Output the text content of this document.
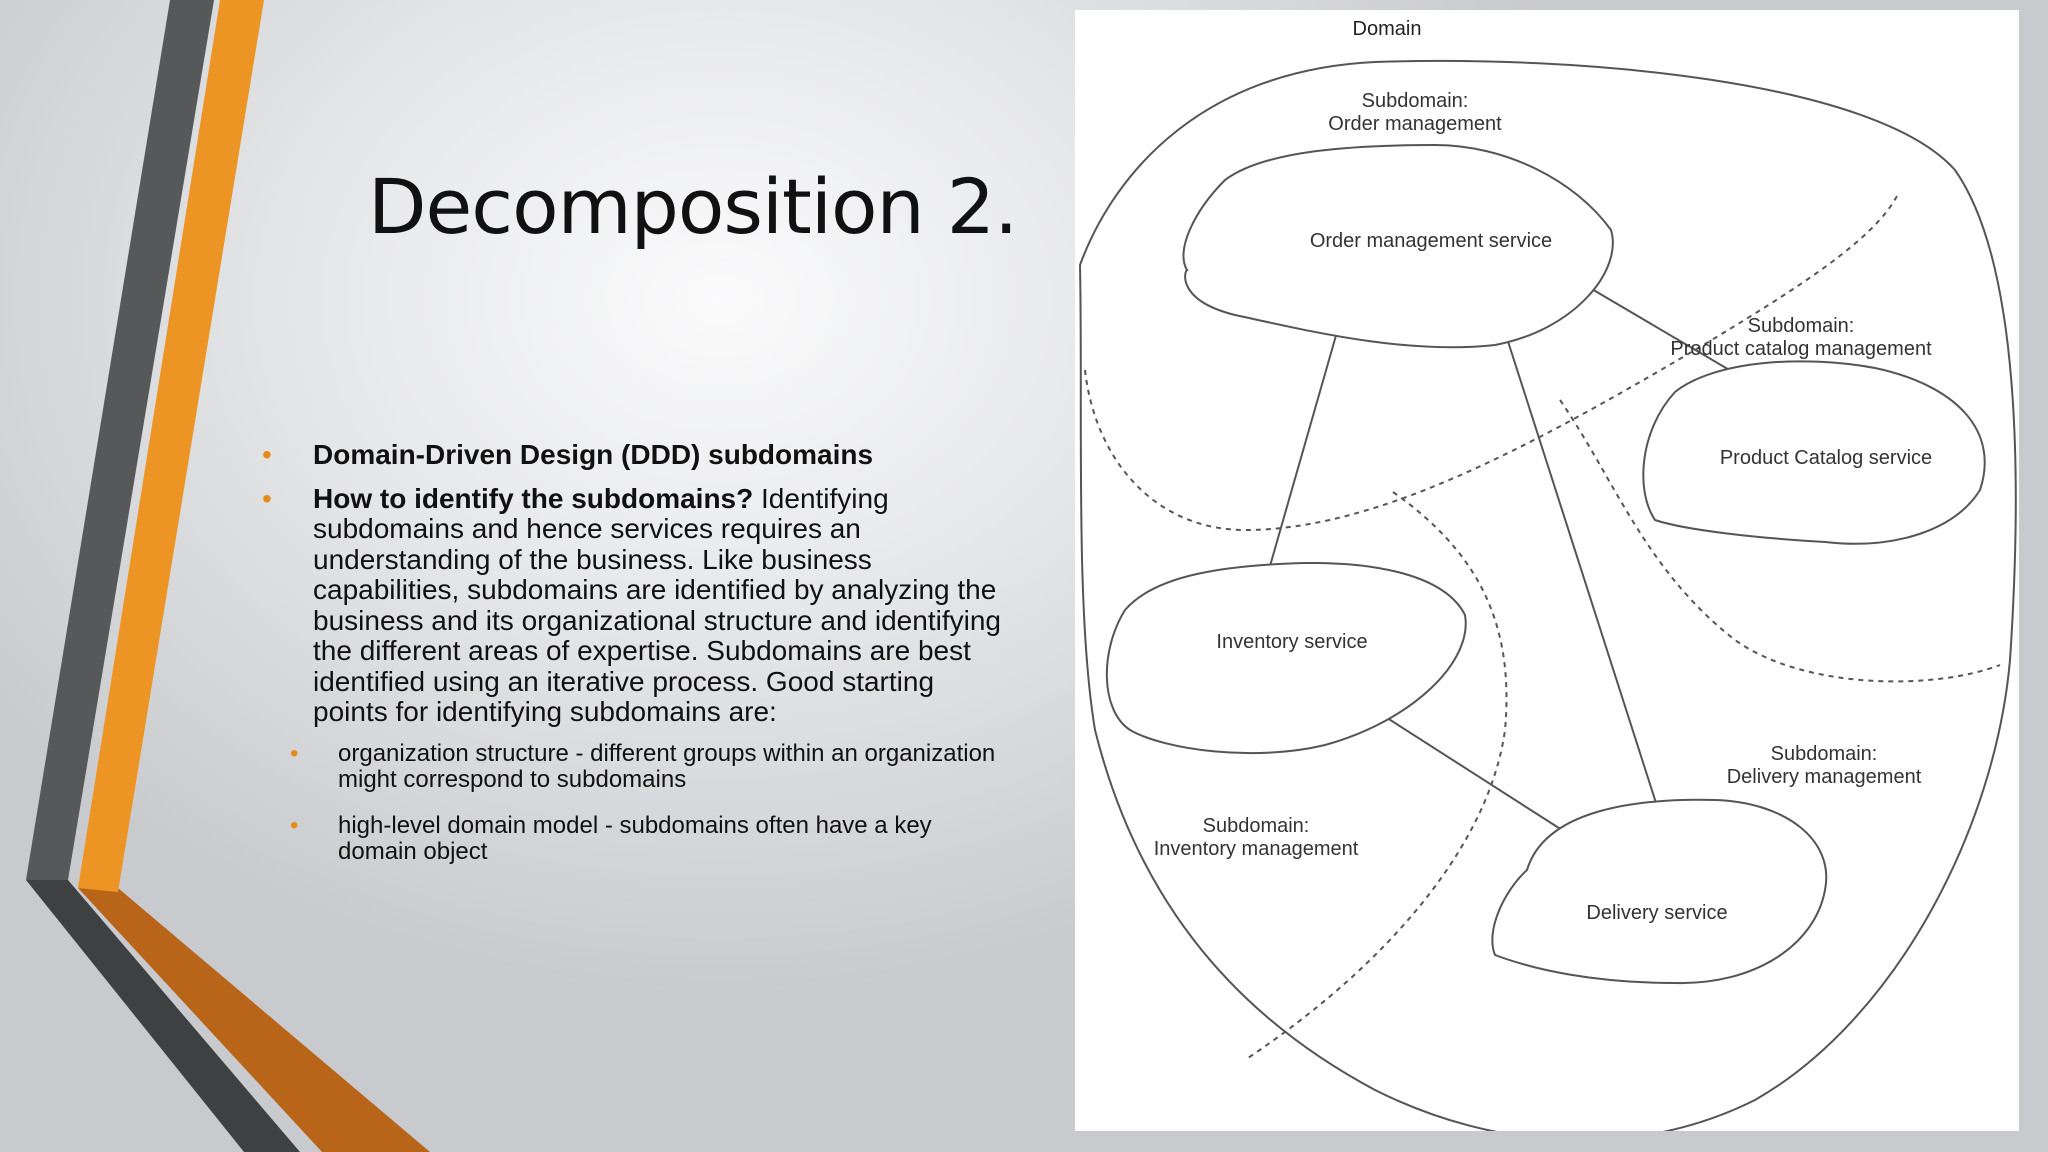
Decomposition 2.
• Domain-Driven Design (DDD) subdomains
• How to identify the subdomains? Identifying subdomains and hence services requires an understanding of the business. Like business capabilities, subdomains are identified by analyzing the business and its organizational structure and identifying the different areas of expertise. Subdomains are best identified using an iterative process. Good starting points for identifying subdomains are:
• organization structure - different groups within an organization might correspond to subdomains
• high-level domain model - subdomains often have a key domain object
Domain
Subdomain:
Order management
Subdomain:
Product catalog management
Subdomain:
Inventory management
Subdomain:
Delivery management
Order management service
Product Catalog service
Inventory service
Delivery service
